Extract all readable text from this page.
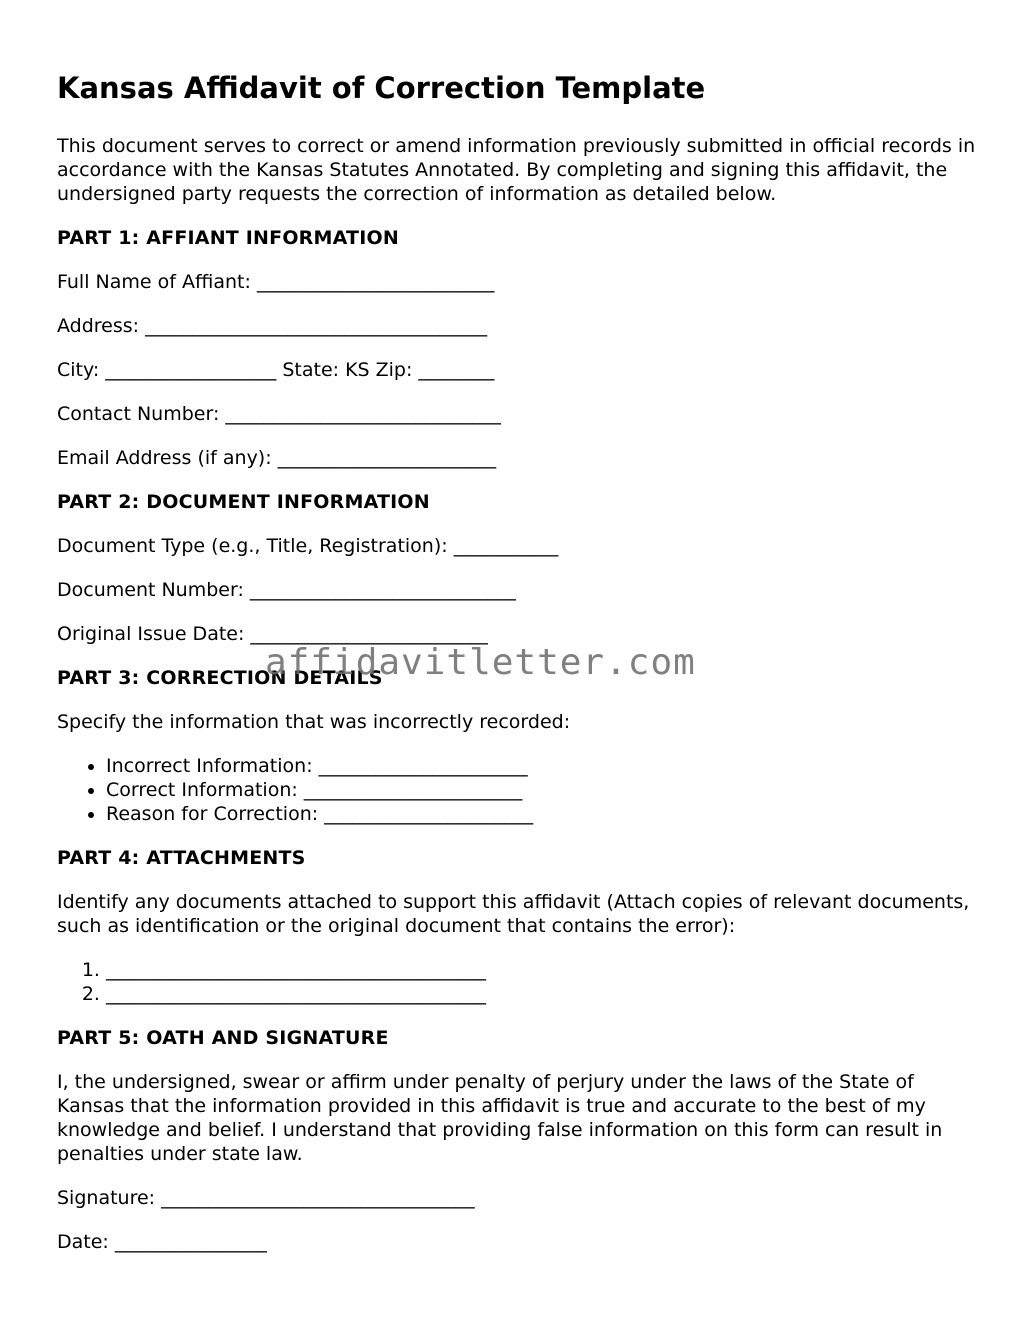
Kansas Affidavit of Correction Template

This document serves to correct or amend information previously submitted in official records in accordance with the Kansas Statutes Annotated. By completing and signing this affidavit, the undersigned party requests the correction of information as detailed below.

PART 1: AFFIANT INFORMATION
Full Name of Affiant: _________________________
Address: ____________________________________
City: __________________ State: KS Zip: ________
Contact Number: _____________________________
Email Address (if any): _______________________
PART 2: DOCUMENT INFORMATION
Document Type (e.g., Title, Registration): ___________
Document Number: ____________________________
Original Issue Date: _________________________
PART 3: CORRECTION DETAILS

Specify the information that was incorrectly recorded:

• Incorrect Information: ______________________
• Correct Information: _______________________
• Reason for Correction: ______________________
PART 4: ATTACHMENTS

Identify any documents attached to support this affidavit (Attach copies of relevant documents, such as identification or the original document that contains the error):

1. ________________________________________
2. ________________________________________
PART 5: OATH AND SIGNATURE

I, the undersigned, swear or affirm under penalty of perjury under the laws of the State of Kansas that the information provided in this affidavit is true and accurate to the best of my knowledge and belief. I understand that providing false information on this form can result in penalties under state law.

Signature: _________________________________
Date: ________________
affidavitletter.com
